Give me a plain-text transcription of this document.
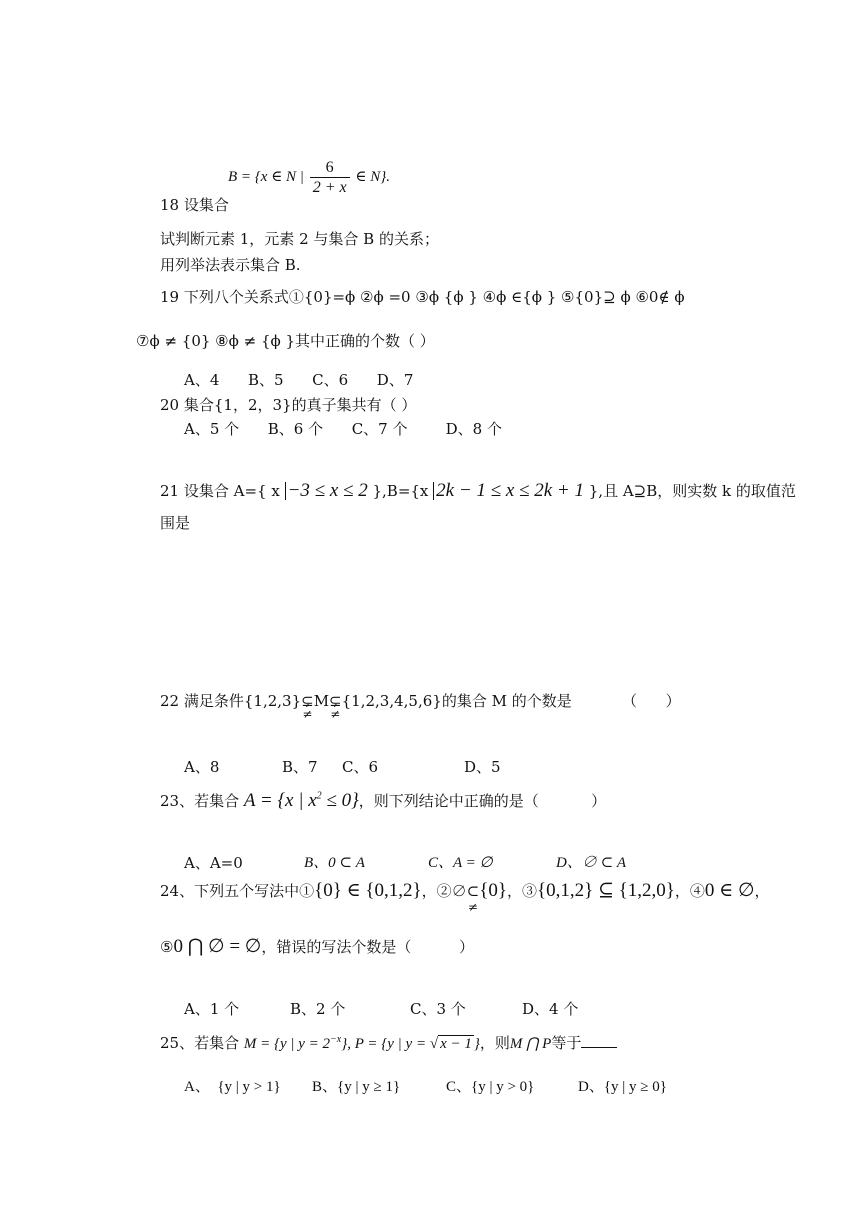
B = {x ∈ N | $\frac{6}{2 + x}$ ∈ N}.
18 设集合
试判断元素 1，元素 2 与集合 B 的关系；
用列举法表示集合 B.
19 下列八个关系式①{0}=ϕ ②ϕ =0 ③ϕ {ϕ } ④ϕ ∈{ϕ } ⑤{0}⊇ ϕ ⑥0∉ ϕ
⑦ϕ ≠ {0} ⑧ϕ ≠ {ϕ }其中正确的个数（ ）
A、4      B、5      C、6      D、7
20 集合{1，2，3}的真子集共有（ ）
A、5 个      B、6 个      C、7 个        D、8 个
21 设集合 A={ x −3 ≤ x ≤ 2 },B={x 2k − 1 ≤ x ≤ 2k + 1 },且 A⊇B，则实数 k 的取值范
围是
22 满足条件{1,2,3}⊊
≠
M⊊
≠
{1,2,3,4,5,6}的集合 M 的个数是	（      ）
A、8	B、7 C、6	D、5
23、若集合 A = {x | $x^2 \le 0$}，则下列结论中正确的是（           ）
A、A=0	B、0 ⊂ A	C、A = ∅	D、∅ ⊂ A
24、下列五个写法中①{0} ∈ {0,1,2}，②∅⊂
≠
{0}，③{0,1,2} ⊆ {1,2,0}，④0 ∈ ∅，
⑤0 ⋂ ∅ = ∅，错误的写法个数是（          ）
A、1 个	B、2 个	C、3 个	D、4 个
25、若集合 M = {y | $y = 2^{-x}$}, P = {y | y = √ x − 1 }，则M ⋂ P等于
A、  {y | y > 1} B、{y | y ≥ 1}	C、{y | y > 0}	D、{y | y ≥ 0}
